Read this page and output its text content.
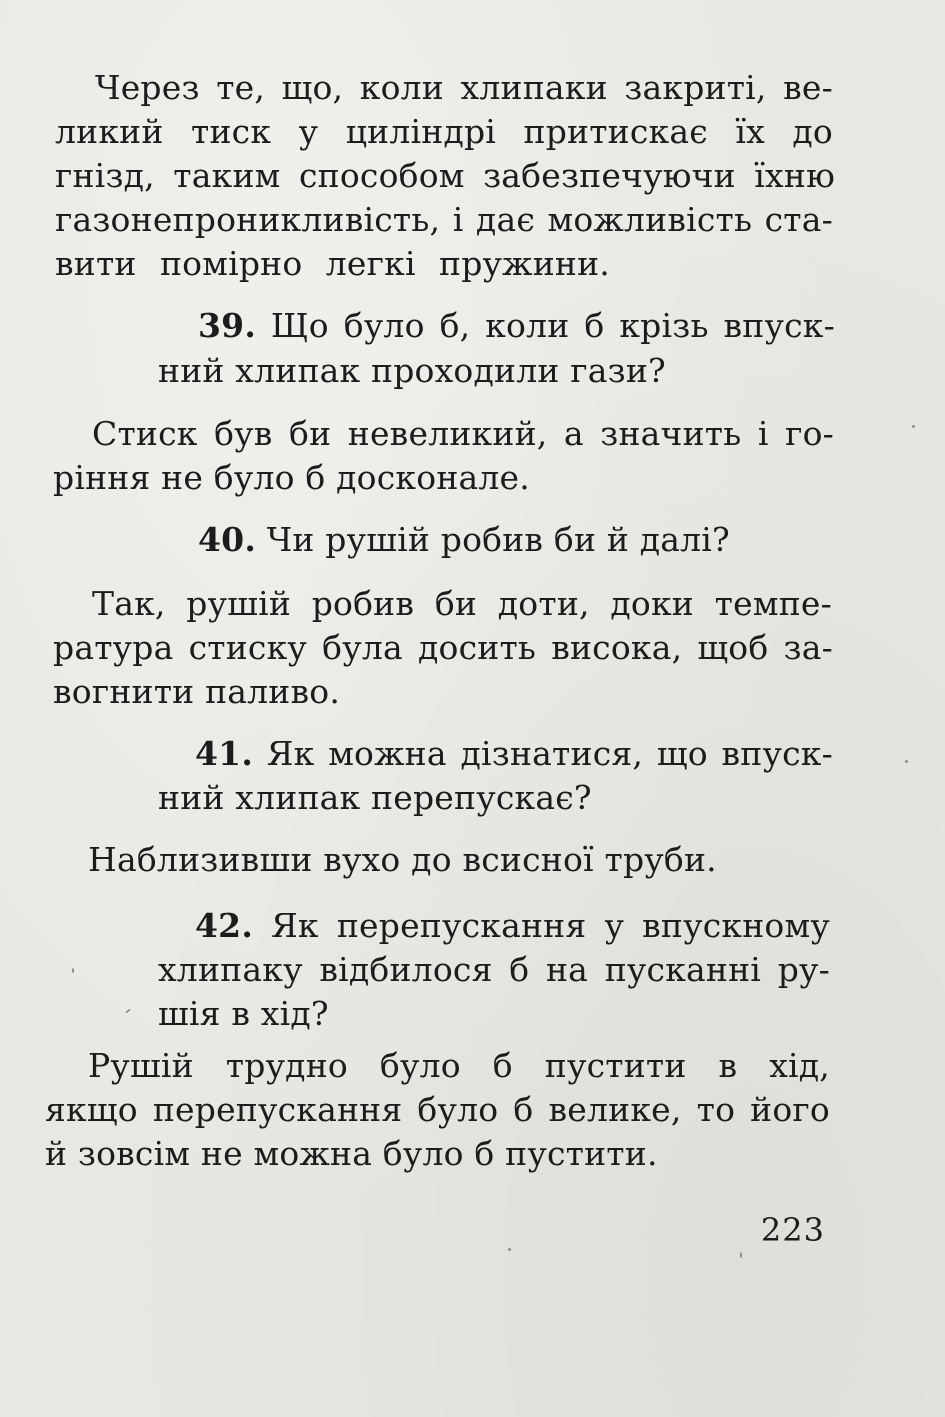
Через те, що, коли хлипаки закриті, ве-
ликий тиск у циліндрі притискає їх до
гнізд, таким способом забезпечуючи їхню
газонепроникливість, і дає можливість ста-
вити помірно легкі пружини.
39. Що було б, коли б крізь впуск-
ний хлипак проходили гази?
Стиск був би невеликий, а значить і го-
ріння не було б досконале.
40. Чи рушій робив би й далі?
Так, рушій робив би доти, доки темпе-
ратура стиску була досить висока, щоб за-
вогнити паливо.
41. Як можна дізнатися, що впуск-
ний хлипак перепускає?
Наблизивши вухо до всисної труби.
42. Як перепускання у впускному
хлипаку відбилося б на пусканні ру-
шія в хід?
Рушій трудно було б пустити в хід,
якщо перепускання було б велике, то його
й зовсім не можна було б пустити.
223
